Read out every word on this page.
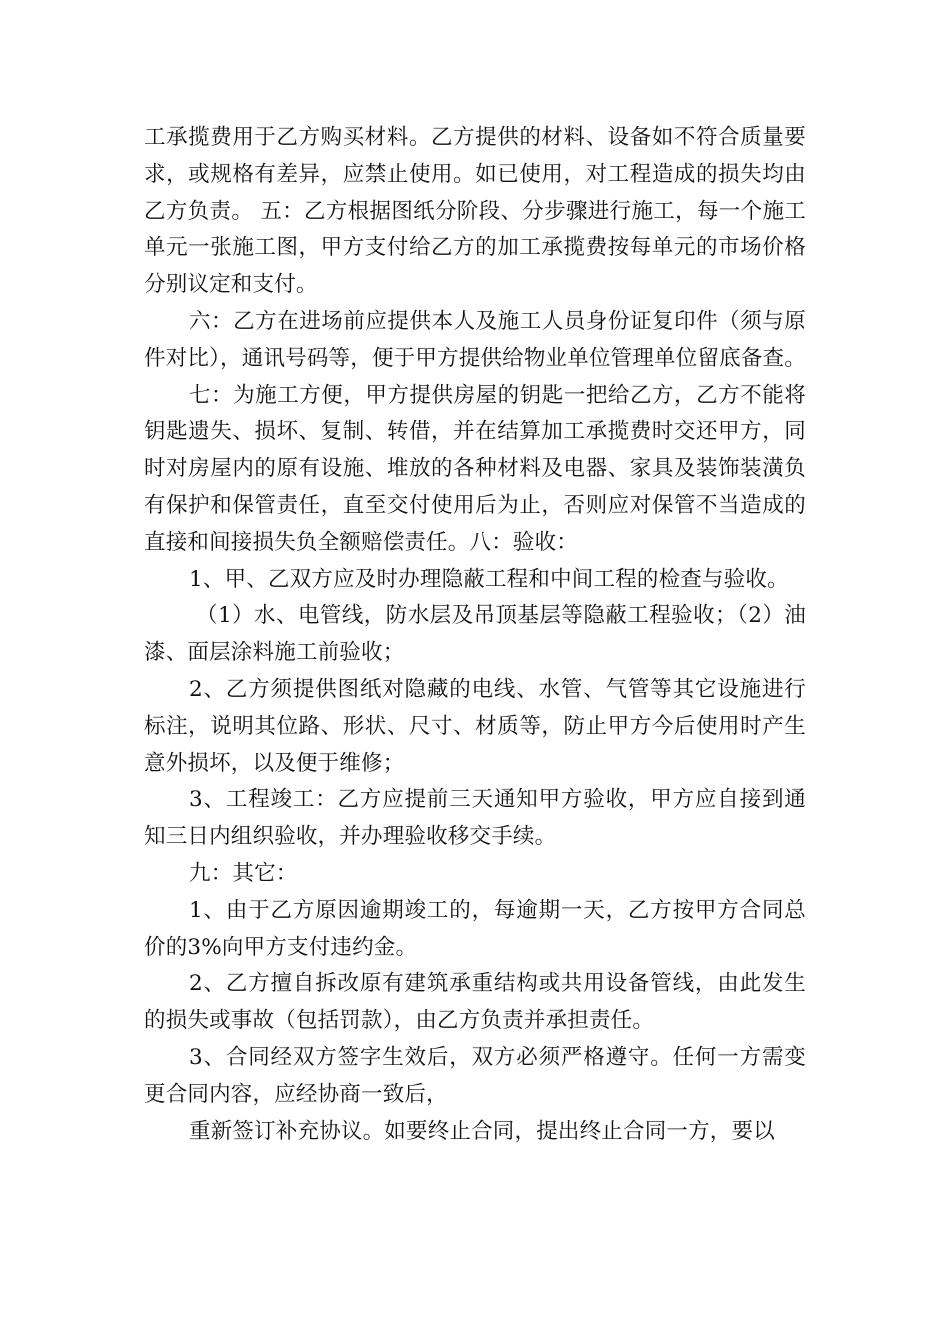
工承揽费用于乙方购买材料。乙方提供的材料、设备如不符合质量要求，或规格有差异，应禁止使用。如已使用，对工程造成的损失均由乙方负责。 五：乙方根据图纸分阶段、分步骤进行施工，每一个施工单元一张施工图，甲方支付给乙方的加工承揽费按每单元的市场价格分别议定和支付。

六：乙方在进场前应提供本人及施工人员身份证复印件（须与原件对比），通讯号码等，便于甲方提供给物业单位管理单位留底备查。

七：为施工方便，甲方提供房屋的钥匙一把给乙方，乙方不能将钥匙遗失、损坏、复制、转借，并在结算加工承揽费时交还甲方，同时对房屋内的原有设施、堆放的各种材料及电器、家具及装饰装潢负有保护和保管责任，直至交付使用后为止，否则应对保管不当造成的直接和间接损失负全额赔偿责任。八：验收：

1、甲、乙双方应及时办理隐蔽工程和中间工程的检查与验收。

（1）水、电管线，防水层及吊顶基层等隐蔽工程验收；（2）油漆、面层涂料施工前验收；

2、乙方须提供图纸对隐藏的电线、水管、气管等其它设施进行标注，说明其位路、形状、尺寸、材质等，防止甲方今后使用时产生意外损坏，以及便于维修；

3、工程竣工：乙方应提前三天通知甲方验收，甲方应自接到通知三日内组织验收，并办理验收移交手续。

九：其它：

1、由于乙方原因逾期竣工的，每逾期一天，乙方按甲方合同总价的3%向甲方支付违约金。

2、乙方擅自拆改原有建筑承重结构或共用设备管线，由此发生的损失或事故（包括罚款），由乙方负责并承担责任。

3、合同经双方签字生效后，双方必须严格遵守。任何一方需变更合同内容，应经协商一致后，

重新签订补充协议。如要终止合同，提出终止合同一方，要以
